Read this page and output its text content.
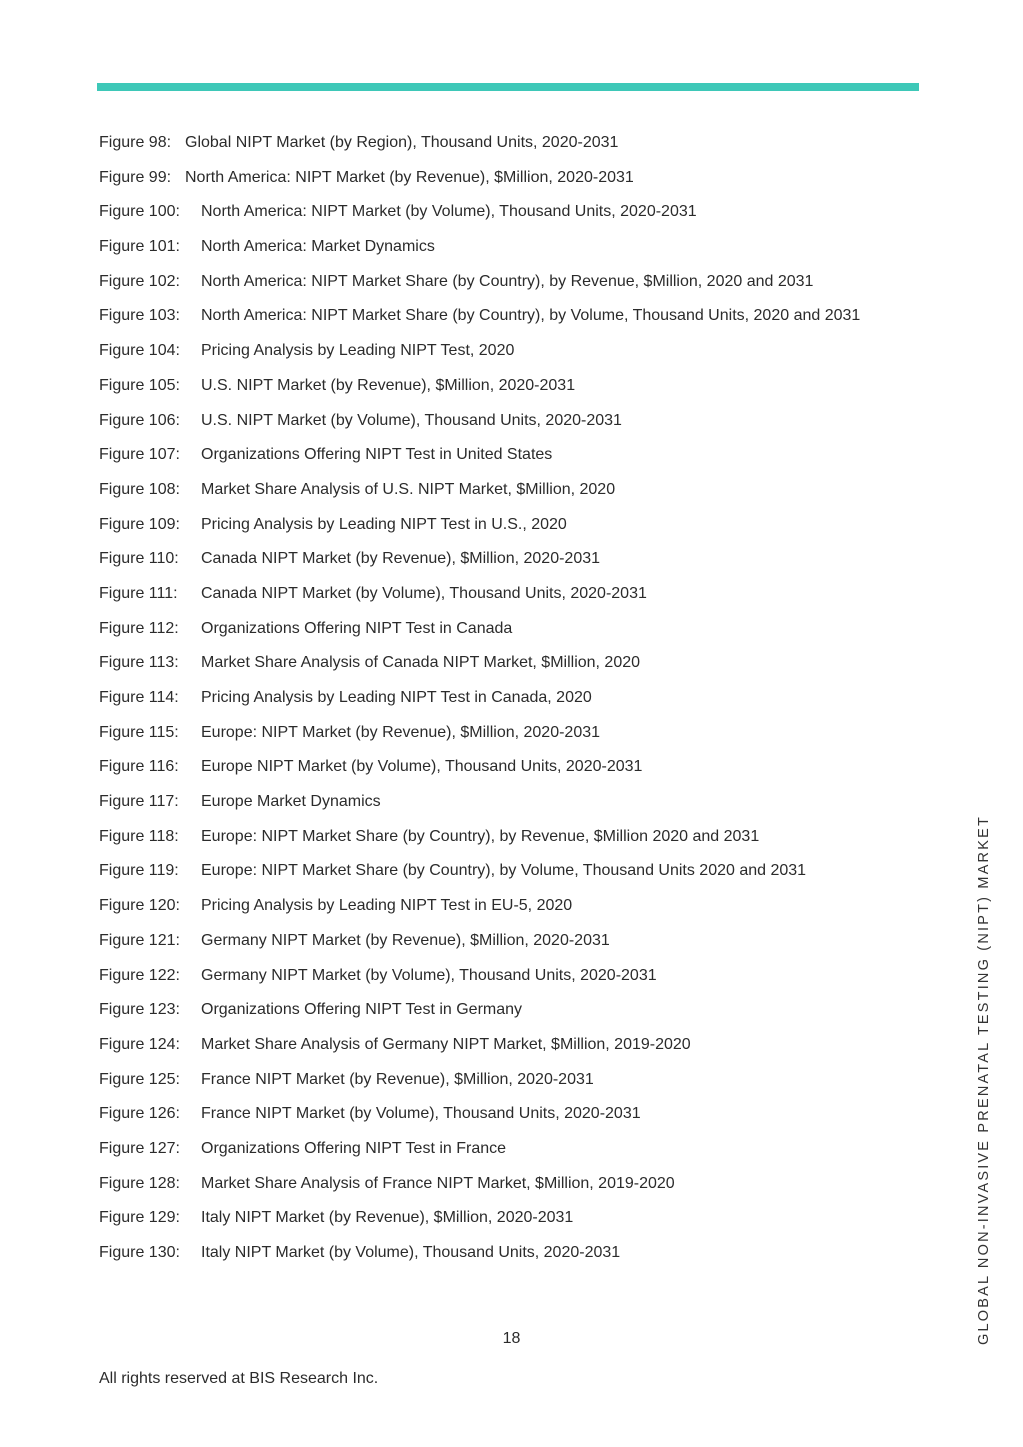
Figure 98: Global NIPT Market (by Region), Thousand Units, 2020-2031
Figure 99: North America: NIPT Market (by Revenue), $Million, 2020-2031
Figure 100:	North America: NIPT Market (by Volume), Thousand Units, 2020-2031
Figure 101:	North America: Market Dynamics
Figure 102:	North America: NIPT Market Share (by Country), by Revenue, $Million, 2020 and 2031
Figure 103:	North America: NIPT Market Share (by Country), by Volume, Thousand Units, 2020 and 2031
Figure 104:	Pricing Analysis by Leading NIPT Test, 2020
Figure 105:	U.S. NIPT Market (by Revenue), $Million, 2020-2031
Figure 106:	U.S. NIPT Market (by Volume), Thousand Units, 2020-2031
Figure 107:	Organizations Offering NIPT Test in United States
Figure 108:	Market Share Analysis of U.S. NIPT Market, $Million, 2020
Figure 109:	Pricing Analysis by Leading NIPT Test in U.S., 2020
Figure 110:	Canada NIPT Market (by Revenue), $Million, 2020-2031
Figure 111:	Canada NIPT Market (by Volume), Thousand Units, 2020-2031
Figure 112:	Organizations Offering NIPT Test in Canada
Figure 113:	Market Share Analysis of Canada NIPT Market, $Million, 2020
Figure 114:	Pricing Analysis by Leading NIPT Test in Canada, 2020
Figure 115:	Europe: NIPT Market (by Revenue), $Million, 2020-2031
Figure 116:	Europe NIPT Market (by Volume), Thousand Units, 2020-2031
Figure 117:	Europe Market Dynamics
Figure 118:	Europe: NIPT Market Share (by Country), by Revenue, $Million 2020 and 2031
Figure 119:	Europe: NIPT Market Share (by Country), by Volume, Thousand Units 2020 and 2031
Figure 120:	Pricing Analysis by Leading NIPT Test in EU-5, 2020
Figure 121:	Germany NIPT Market (by Revenue), $Million, 2020-2031
Figure 122:	Germany NIPT Market (by Volume), Thousand Units, 2020-2031
Figure 123:	Organizations Offering NIPT Test in Germany
Figure 124:	Market Share Analysis of Germany NIPT Market, $Million, 2019-2020
Figure 125:	France NIPT Market (by Revenue), $Million, 2020-2031
Figure 126:	France NIPT Market (by Volume), Thousand Units, 2020-2031
Figure 127:	Organizations Offering NIPT Test in France
Figure 128:	Market Share Analysis of France NIPT Market, $Million, 2019-2020
Figure 129:	Italy NIPT Market (by Revenue), $Million, 2020-2031
Figure 130:	Italy NIPT Market (by Volume), Thousand Units, 2020-2031
18
All rights reserved at BIS Research Inc.
GLOBAL NON-INVASIVE PRENATAL TESTING (NIPT) MARKET
